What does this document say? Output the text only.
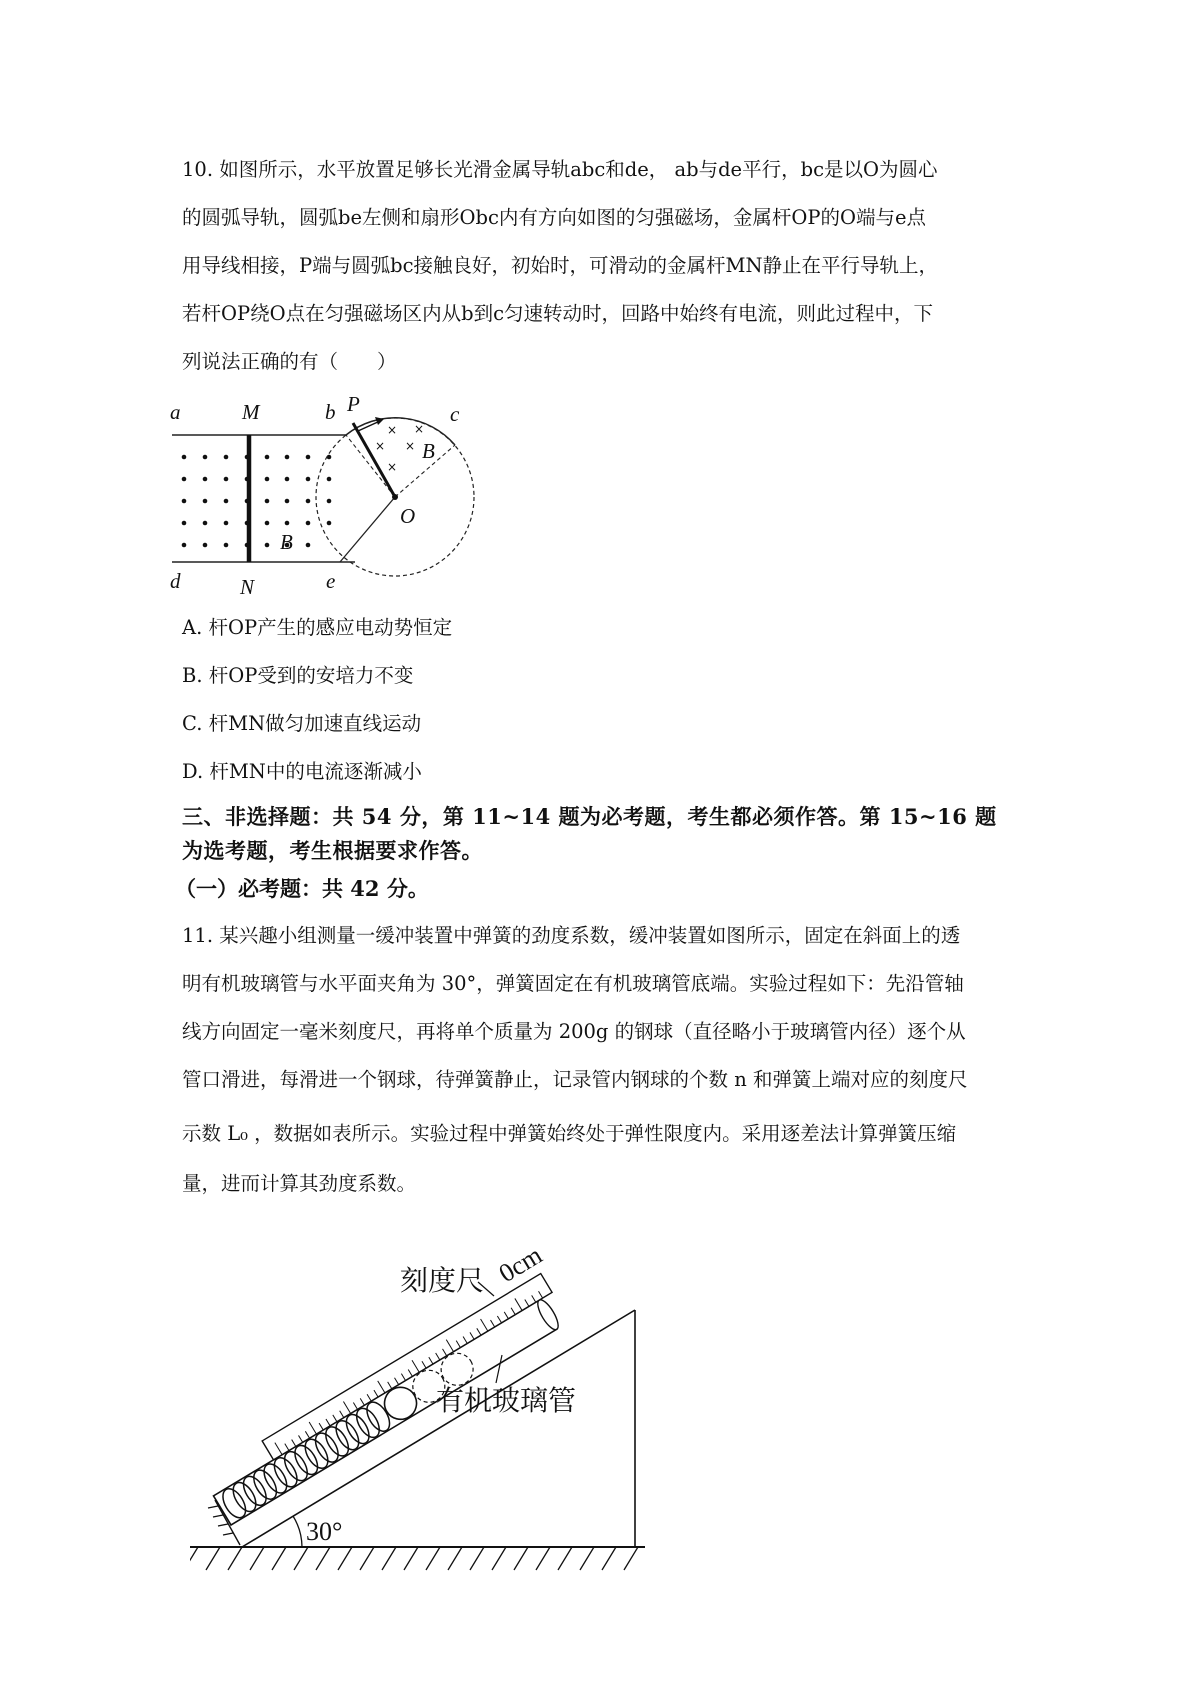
10. 如图所示，水平放置足够长光滑金属导轨abc和de， ab与de平行，bc是以O为圆心
的圆弧导轨，圆弧be左侧和扇形Obc内有方向如图的匀强磁场，金属杆OP的O端与e点
用导线相接，P端与圆弧bc接触良好，初始时，可滑动的金属杆MN静止在平行导轨上，
若杆OP绕O点在匀强磁场区内从b到c匀速转动时，回路中始终有电流，则此过程中，下
列说法正确的有（　　）
× ×
× ×
×
a	M	b P	c
B
O
B
d	N	e
A. 杆OP产生的感应电动势恒定
B. 杆OP受到的安培力不变
C. 杆MN做匀加速直线运动
D. 杆MN中的电流逐渐减小
三、非选择题：共 54 分，第 11~14 题为必考题，考生都必须作答。第 15~16 题
为选考题，考生根据要求作答。
（一）必考题：共 42 分。
11. 某兴趣小组测量一缓冲装置中弹簧的劲度系数，缓冲装置如图所示，固定在斜面上的透
明有机玻璃管与水平面夹角为 30°，弹簧固定在有机玻璃管底端。实验过程如下：先沿管轴
线方向固定一毫米刻度尺，再将单个质量为 200g 的钢球（直径略小于玻璃管内径）逐个从
管口滑进，每滑进一个钢球，待弹簧静止，记录管内钢球的个数 n 和弹簧上端对应的刻度尺
示数 L₀ ，数据如表所示。实验过程中弹簧始终处于弹性限度内。采用逐差法计算弹簧压缩
量，进而计算其劲度系数。
30°
0cm
刻度尺
有机玻璃管
